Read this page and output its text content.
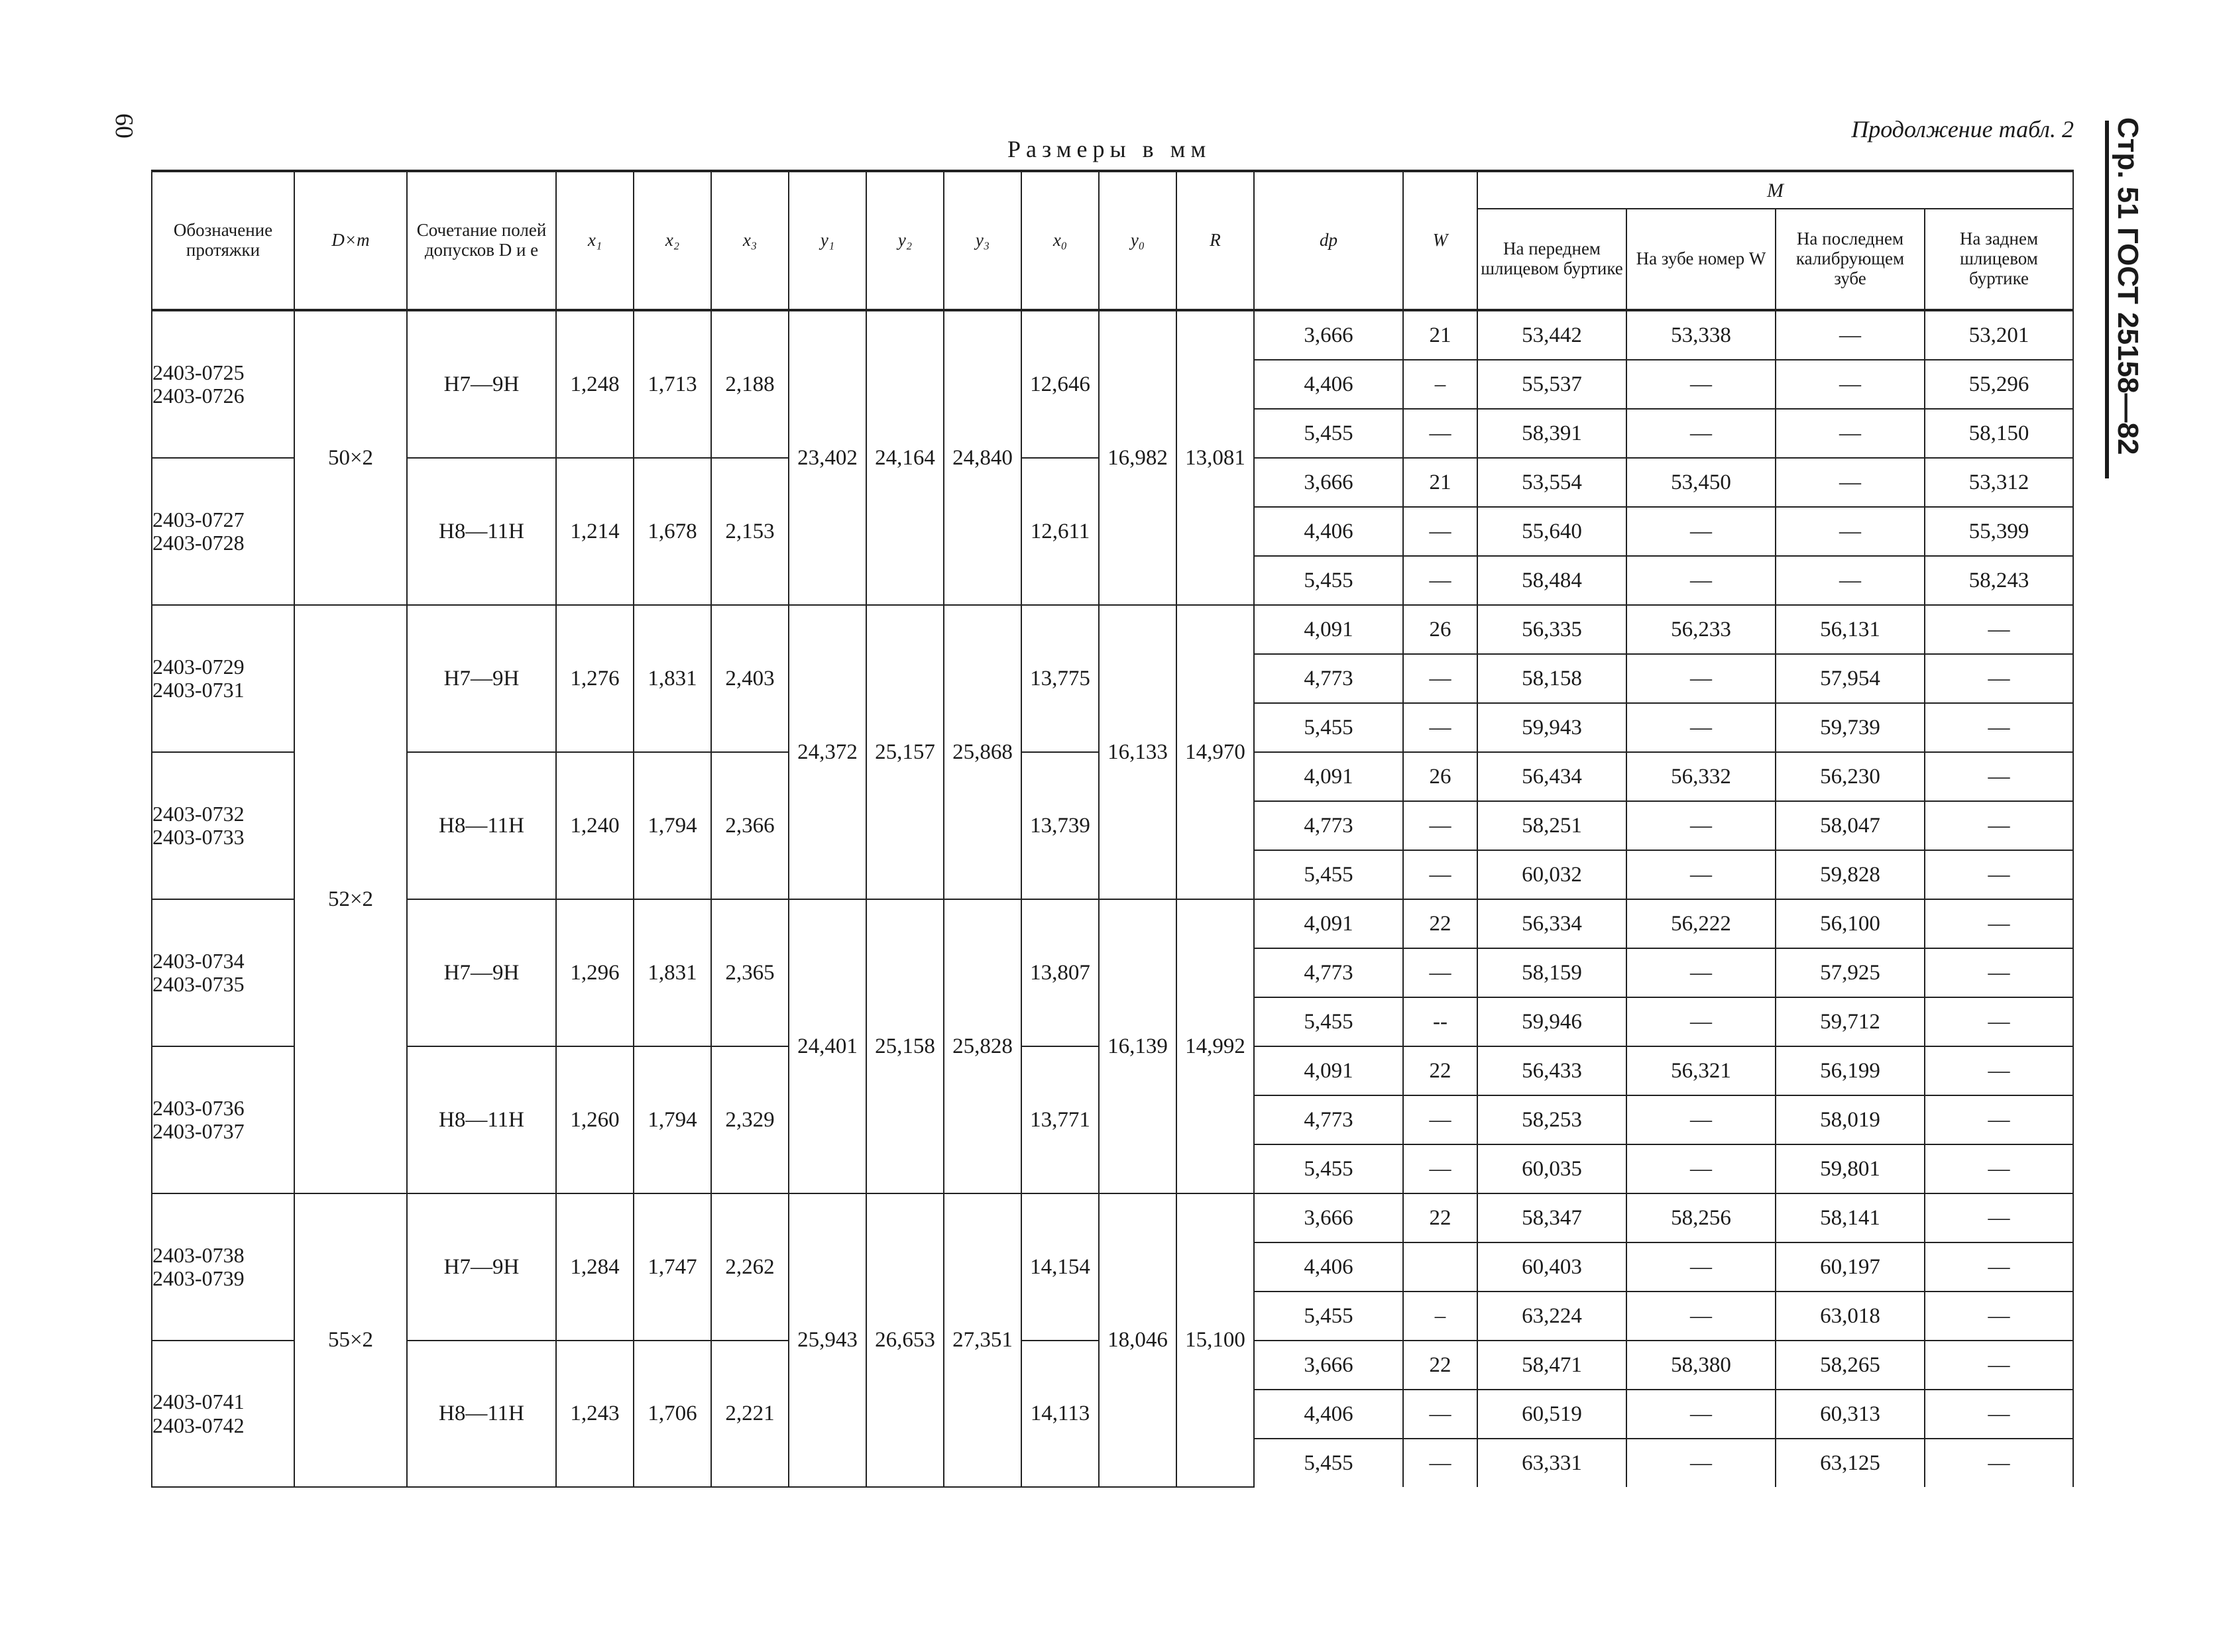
60	Стр. 51 ГОСТ 25158—82
Продолжение табл. 2
Размеры в мм
Обозначение протяжки	D×m	Сочетание полей допусков D и e	x₁	x₂	x₃	y₁	y₂	y₃	x₀	y₀	R	dp	W	M			
														На переднем шлицевом буртике	На зубе номер W	На последнем калибрующем зубе	На заднем шлицевом буртике

2403-0725
2403-0726	50×2	Н7—9Н	1,248	1,713	2,188	23,402	24,164	24,840	12,646	16,982	13,081	3,666	21	53,442	53,338	—	53,201
												4,406	–	55,537	—	—	55,296
												5,455	—	58,391	—	—	58,150

2403-0727
2403-0728		Н8—11Н	1,214	1,678	2,153				12,611			3,666	21	53,554	53,450	—	53,312
												4,406	—	55,640	—	—	55,399
												5,455	—	58,484	—	—	58,243

2403-0729
2403-0731	52×2	Н7—9Н	1,276	1,831	2,403	24,372	25,157	25,868	13,775	16,133	14,970	4,091	26	56,335	56,233	56,131	—
												4,773	—	58,158	—	57,954	—
												5,455	—	59,943	—	59,739	—

2403-0732
2403-0733		Н8—11Н	1,240	1,794	2,366				13,739			4,091	26	56,434	56,332	56,230	—
												4,773	—	58,251	—	58,047	—
												5,455	—	60,032	—	59,828	—

2403-0734
2403-0735		Н7—9Н	1,296	1,831	2,365	24,401	25,158	25,828	13,807	16,139	14,992	4,091	22	56,334	56,222	56,100	—
												4,773	—	58,159	—	57,925	—
												5,455	--	59,946	—	59,712	—

2403-0736
2403-0737		Н8—11Н	1,260	1,794	2,329				13,771			4,091	22	56,433	56,321	56,199	—
												4,773	—	58,253	—	58,019	—
												5,455	—	60,035	—	59,801	—

2403-0738
2403-0739	55×2	Н7—9Н	1,284	1,747	2,262	25,943	26,653	27,351	14,154	18,046	15,100	3,666	22	58,347	58,256	58,141	—
												4,406		60,403	—	60,197	—
												5,455	–	63,224	—	63,018	—

2403-0741
2403-0742		Н8—11Н	1,243	1,706	2,221				14,113			3,666	22	58,471	58,380	58,265	—
												4,406	—	60,519	—	60,313	—
												5,455	—	63,331	—	63,125	—
